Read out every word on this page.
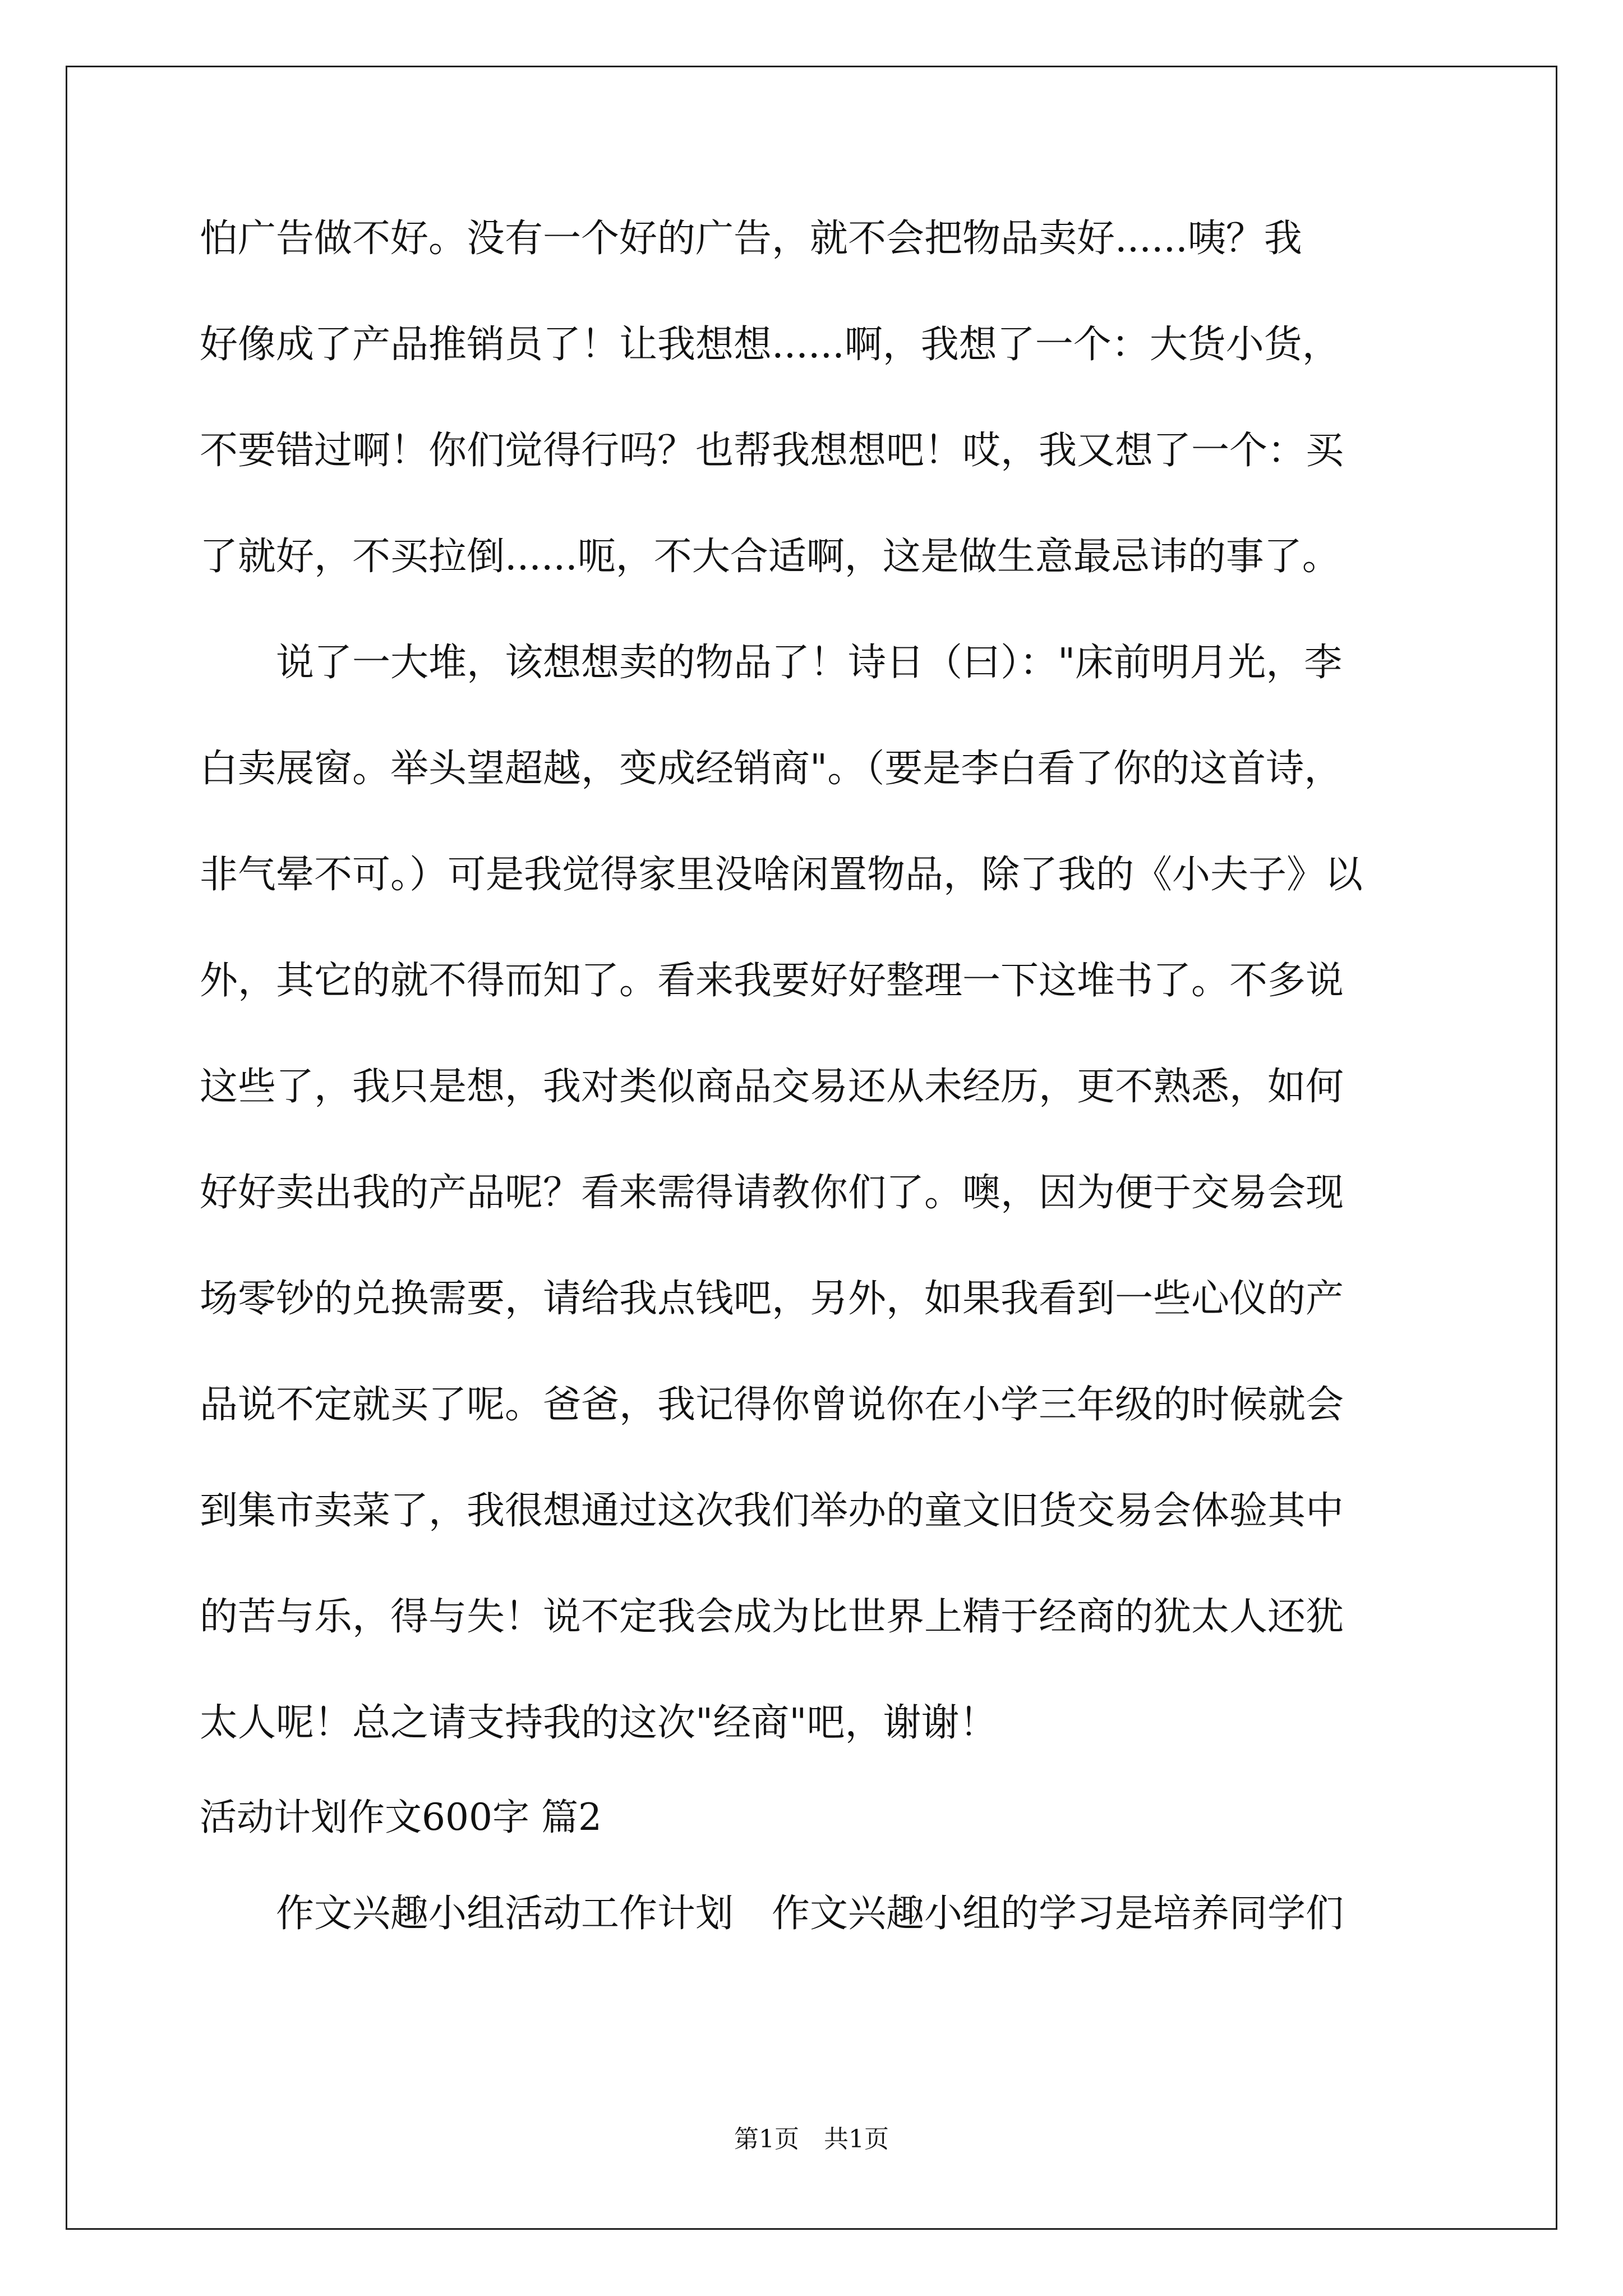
怕广告做不好。没有一个好的广告，就不会把物品卖好......咦？我
好像成了产品推销员了！让我想想......啊，我想了一个：大货小货，
不要错过啊！你们觉得行吗？也帮我想想吧！哎，我又想了一个：买
了就好，不买拉倒......呃，不大合适啊，这是做生意最忌讳的事了。
　　说了一大堆，该想想卖的物品了！诗日（曰）："床前明月光，李
白卖展窗。举头望超越，变成经销商"。（要是李白看了你的这首诗，
非气晕不可。）可是我觉得家里没啥闲置物品，除了我的《小夫子》以
外，其它的就不得而知了。看来我要好好整理一下这堆书了。不多说
这些了，我只是想，我对类似商品交易还从未经历，更不熟悉，如何
好好卖出我的产品呢？看来需得请教你们了。噢，因为便于交易会现
场零钞的兑换需要，请给我点钱吧，另外，如果我看到一些心仪的产
品说不定就买了呢。爸爸，我记得你曾说你在小学三年级的时候就会
到集市卖菜了，我很想通过这次我们举办的童文旧货交易会体验其中
的苦与乐，得与失！说不定我会成为比世界上精于经商的犹太人还犹
太人呢！总之请支持我的这次"经商"吧，谢谢！
活动计划作文600字 篇2
　　作文兴趣小组活动工作计划　作文兴趣小组的学习是培养同学们
第1页　共1页
